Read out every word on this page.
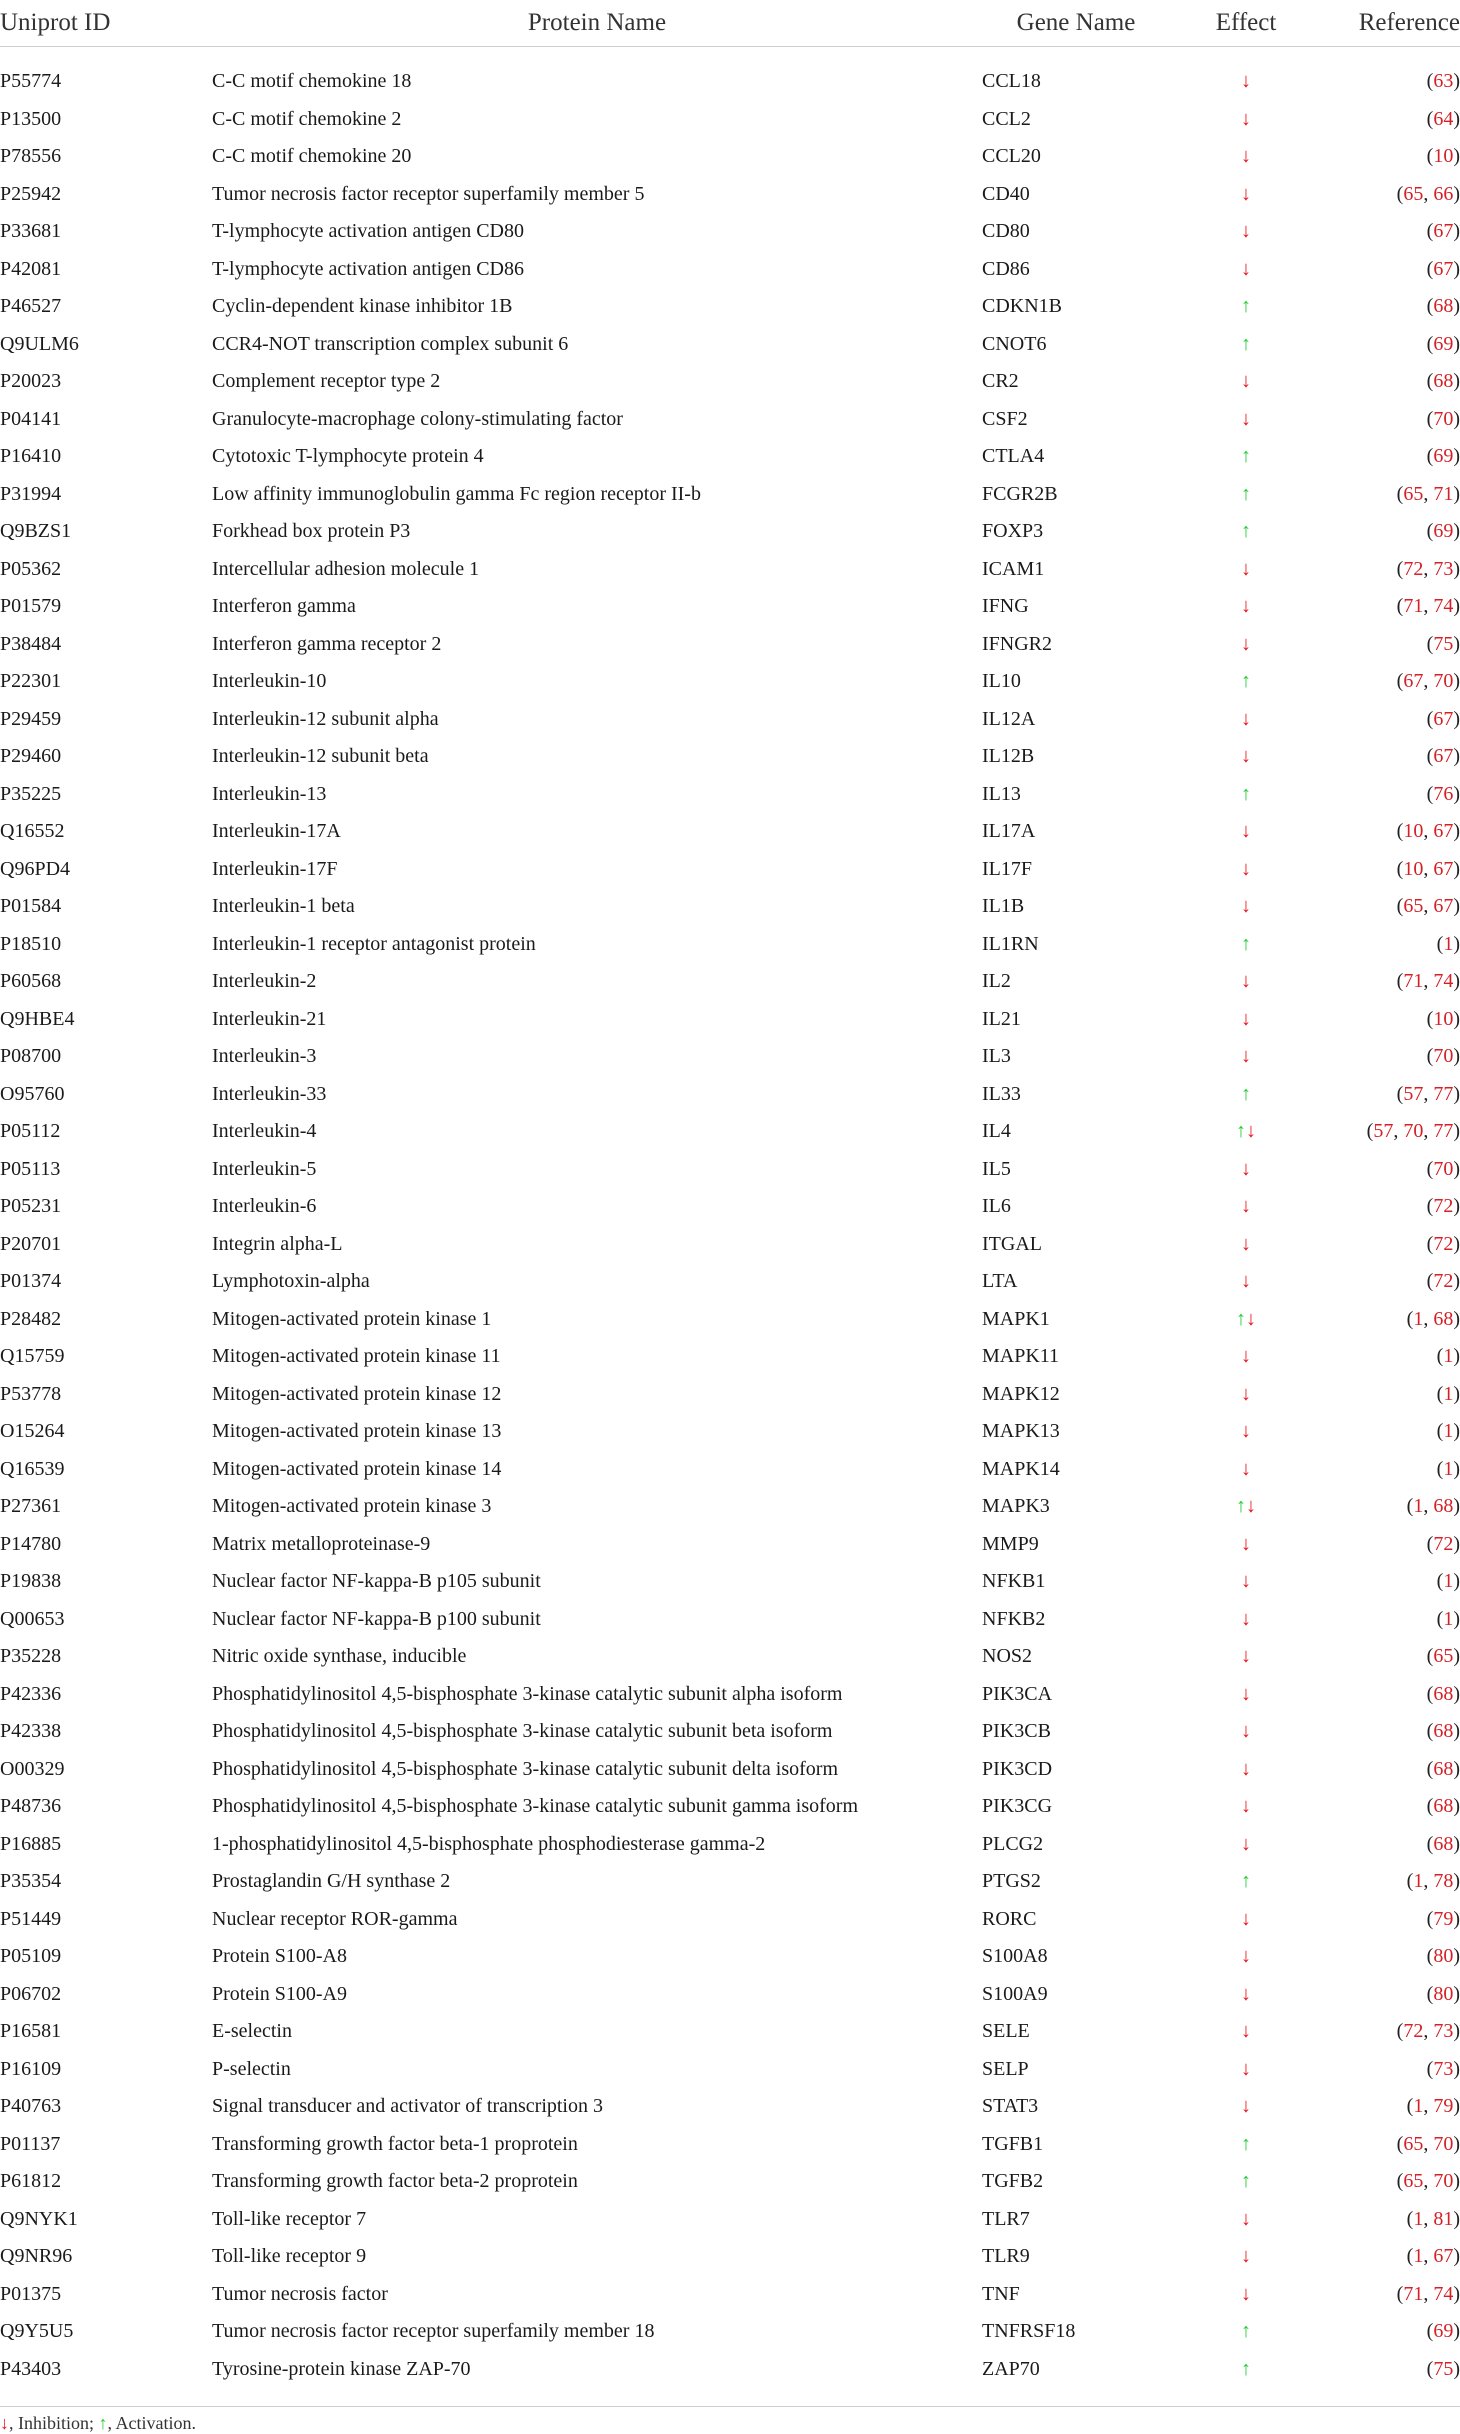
Uniprot ID	Protein Name	Gene Name	Effect	Reference

P55774	C-C motif chemokine 18	CCL18	↓	(63)
P13500	C-C motif chemokine 2	CCL2	↓	(64)
P78556	C-C motif chemokine 20	CCL20	↓	(10)
P25942	Tumor necrosis factor receptor superfamily member 5	CD40	↓	(65, 66)
P33681	T-lymphocyte activation antigen CD80	CD80	↓	(67)
P42081	T-lymphocyte activation antigen CD86	CD86	↓	(67)
P46527	Cyclin-dependent kinase inhibitor 1B	CDKN1B	↑	(68)
Q9ULM6	CCR4-NOT transcription complex subunit 6	CNOT6	↑	(69)
P20023	Complement receptor type 2	CR2	↓	(68)
P04141	Granulocyte-macrophage colony-stimulating factor	CSF2	↓	(70)
P16410	Cytotoxic T-lymphocyte protein 4	CTLA4	↑	(69)
P31994	Low affinity immunoglobulin gamma Fc region receptor II-b	FCGR2B	↑	(65, 71)
Q9BZS1	Forkhead box protein P3	FOXP3	↑	(69)
P05362	Intercellular adhesion molecule 1	ICAM1	↓	(72, 73)
P01579	Interferon gamma	IFNG	↓	(71, 74)
P38484	Interferon gamma receptor 2	IFNGR2	↓	(75)
P22301	Interleukin-10	IL10	↑	(67, 70)
P29459	Interleukin-12 subunit alpha	IL12A	↓	(67)
P29460	Interleukin-12 subunit beta	IL12B	↓	(67)
P35225	Interleukin-13	IL13	↑	(76)
Q16552	Interleukin-17A	IL17A	↓	(10, 67)
Q96PD4	Interleukin-17F	IL17F	↓	(10, 67)
P01584	Interleukin-1 beta	IL1B	↓	(65, 67)
P18510	Interleukin-1 receptor antagonist protein	IL1RN	↑	(1)
P60568	Interleukin-2	IL2	↓	(71, 74)
Q9HBE4	Interleukin-21	IL21	↓	(10)
P08700	Interleukin-3	IL3	↓	(70)
O95760	Interleukin-33	IL33	↑	(57, 77)
P05112	Interleukin-4	IL4	↑↓	(57, 70, 77)
P05113	Interleukin-5	IL5	↓	(70)
P05231	Interleukin-6	IL6	↓	(72)
P20701	Integrin alpha-L	ITGAL	↓	(72)
P01374	Lymphotoxin-alpha	LTA	↓	(72)
P28482	Mitogen-activated protein kinase 1	MAPK1	↑↓	(1, 68)
Q15759	Mitogen-activated protein kinase 11	MAPK11	↓	(1)
P53778	Mitogen-activated protein kinase 12	MAPK12	↓	(1)
O15264	Mitogen-activated protein kinase 13	MAPK13	↓	(1)
Q16539	Mitogen-activated protein kinase 14	MAPK14	↓	(1)
P27361	Mitogen-activated protein kinase 3	MAPK3	↑↓	(1, 68)
P14780	Matrix metalloproteinase-9	MMP9	↓	(72)
P19838	Nuclear factor NF-kappa-B p105 subunit	NFKB1	↓	(1)
Q00653	Nuclear factor NF-kappa-B p100 subunit	NFKB2	↓	(1)
P35228	Nitric oxide synthase, inducible	NOS2	↓	(65)
P42336	Phosphatidylinositol 4,5-bisphosphate 3-kinase catalytic subunit alpha isoform	PIK3CA	↓	(68)
P42338	Phosphatidylinositol 4,5-bisphosphate 3-kinase catalytic subunit beta isoform	PIK3CB	↓	(68)
O00329	Phosphatidylinositol 4,5-bisphosphate 3-kinase catalytic subunit delta isoform	PIK3CD	↓	(68)
P48736	Phosphatidylinositol 4,5-bisphosphate 3-kinase catalytic subunit gamma isoform	PIK3CG	↓	(68)
P16885	1-phosphatidylinositol 4,5-bisphosphate phosphodiesterase gamma-2	PLCG2	↓	(68)
P35354	Prostaglandin G/H synthase 2	PTGS2	↑	(1, 78)
P51449	Nuclear receptor ROR-gamma	RORC	↓	(79)
P05109	Protein S100-A8	S100A8	↓	(80)
P06702	Protein S100-A9	S100A9	↓	(80)
P16581	E-selectin	SELE	↓	(72, 73)
P16109	P-selectin	SELP	↓	(73)
P40763	Signal transducer and activator of transcription 3	STAT3	↓	(1, 79)
P01137	Transforming growth factor beta-1 proprotein	TGFB1	↑	(65, 70)
P61812	Transforming growth factor beta-2 proprotein	TGFB2	↑	(65, 70)
Q9NYK1	Toll-like receptor 7	TLR7	↓	(1, 81)
Q9NR96	Toll-like receptor 9	TLR9	↓	(1, 67)
P01375	Tumor necrosis factor	TNF	↓	(71, 74)
Q9Y5U5	Tumor necrosis factor receptor superfamily member 18	TNFRSF18	↑	(69)
P43403	Tyrosine-protein kinase ZAP-70	ZAP70	↑	(75)
↓, Inhibition; ↑, Activation.
